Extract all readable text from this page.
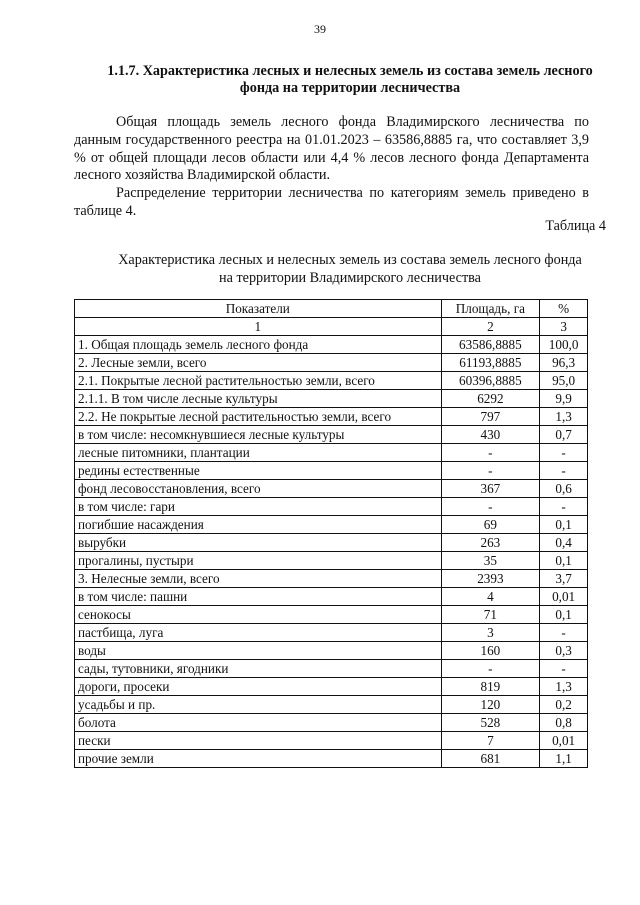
39
1.1.7. Характеристика лесных и нелесных земель из состава земель лесного
фонда на территории лесничества

Общая площадь земель лесного фонда Владимирского лесничества по данным государственного реестра на 01.01.2023 – 63586,8885 га, что составляет 3,9 % от общей площади лесов области или 4,4 % лесов лесного фонда Департамента лесного хозяйства Владимирской области.

Распределение территории лесничества по категориям земель приведено в таблице 4.

Таблица 4
Характеристика лесных и нелесных земель из состава земель лесного фонда
на территории Владимирского лесничества
Показатели	Площадь, га	%
1	2	3
1. Общая площадь земель лесного фонда	63586,8885	100,0
2. Лесные земли, всего	61193,8885	96,3
2.1. Покрытые лесной растительностью земли, всего	60396,8885	95,0
2.1.1. В том числе лесные культуры	6292	9,9
2.2. Не покрытые лесной растительностью земли, всего	797	1,3
в том числе: несомкнувшиеся лесные культуры	430	0,7
лесные питомники, плантации	-	-
редины естественные	-	-
фонд лесовосстановления, всего	367	0,6
в том числе: гари	-	-
погибшие насаждения	69	0,1
вырубки	263	0,4
прогалины, пустыри	35	0,1
3. Нелесные земли, всего	2393	3,7
в том числе: пашни	4	0,01
сенокосы	71	0,1
пастбища, луга	3	-
воды	160	0,3
сады, тутовники, ягодники	-	-
дороги, просеки	819	1,3
усадьбы и пр.	120	0,2
болота	528	0,8
пески	7	0,01
прочие земли	681	1,1
